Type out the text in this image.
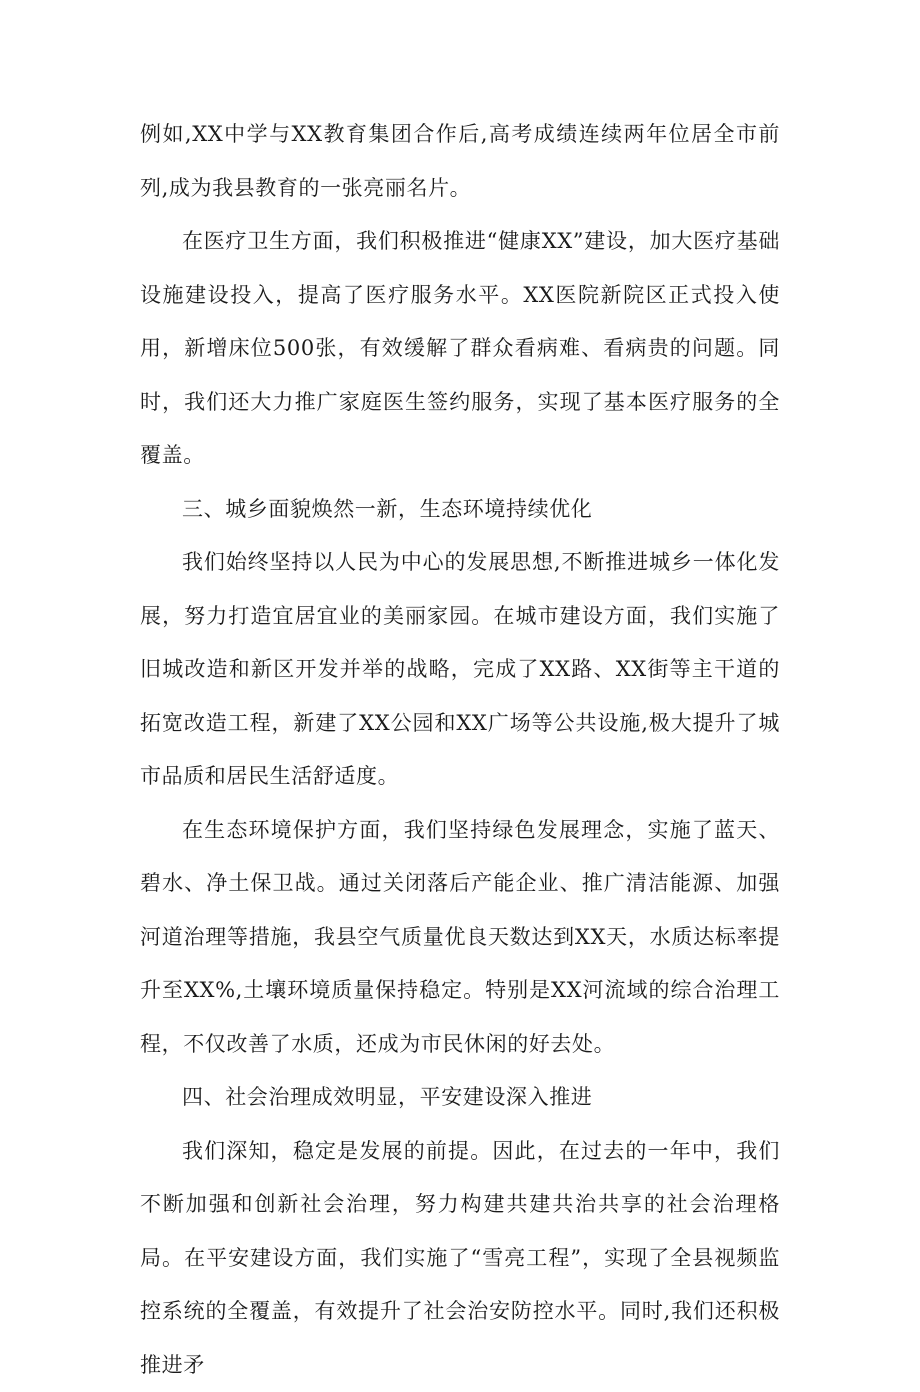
例如,XX中学与XX教育集团合作后,高考成绩连续两年位居全市前列,成为我县教育的一张亮丽名片。

在医疗卫生方面，我们积极推进“健康XX”建设，加大医疗基础设施建设投入，提高了医疗服务水平。XX医院新院区正式投入使用，新增床位500张，有效缓解了群众看病难、看病贵的问题。同时，我们还大力推广家庭医生签约服务，实现了基本医疗服务的全覆盖。

三、城乡面貌焕然一新，生态环境持续优化

我们始终坚持以人民为中心的发展思想,不断推进城乡一体化发展，努力打造宜居宜业的美丽家园。在城市建设方面，我们实施了旧城改造和新区开发并举的战略，完成了XX路、XX街等主干道的拓宽改造工程，新建了XX公园和XX广场等公共设施,极大提升了城市品质和居民生活舒适度。

在生态环境保护方面，我们坚持绿色发展理念，实施了蓝天、碧水、净土保卫战。通过关闭落后产能企业、推广清洁能源、加强河道治理等措施，我县空气质量优良天数达到XX天，水质达标率提升至XX%,土壤环境质量保持稳定。特别是XX河流域的综合治理工程，不仅改善了水质，还成为市民休闲的好去处。

四、社会治理成效明显，平安建设深入推进

我们深知，稳定是发展的前提。因此，在过去的一年中，我们不断加强和创新社会治理，努力构建共建共治共享的社会治理格局。在平安建设方面，我们实施了“雪亮工程”，实现了全县视频监控系统的全覆盖，有效提升了社会治安防控水平。同时,我们还积极推进矛
